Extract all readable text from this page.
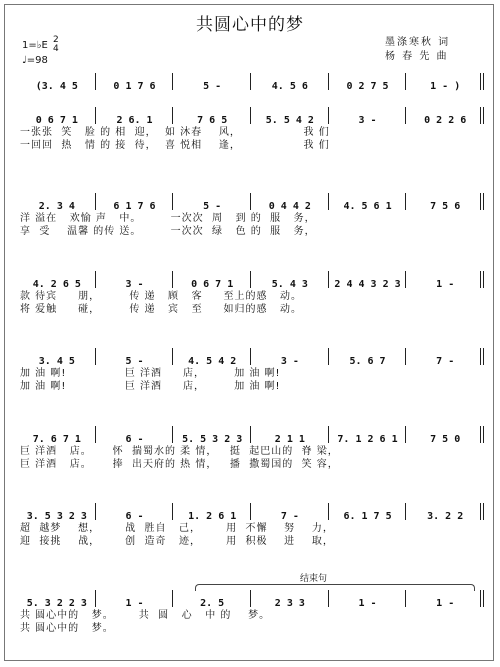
共圆心中的梦
1=♭E 2
4
♩=98
墨涤寒秋 词
杨 春 先 曲
(3. 4 5	0 1 7 6	5 -	4. 5 6	0 2 7 5	1 - )
0 6 7 1	2 6. 1	7 6 5	5. 5 4 2	3 -	0 2 2 6
一张张  笑   脸 的 相  迎，  如 沐春    风，               我 们
一回回  热   情 的 接  待，  喜 悦相    逢，               我 们
2. 3 4	6 1 7 6	5 -	0 4 4 2	4. 5 6 1	7 5 6
洋 溢在   欢愉 声   中。       一次次  周   到 的  服   务，
享  受    温馨 的传 送。       一次次  绿   色 的  服   务，
4. 2 6 5	3 -	0 6 7 1	5. 4 3	2 4 4 3 2 3	1 -
款 待宾     朋，       传 递   顾   客     至上的感   动。
将 爱触     碰，       传 递   宾   至     如归的感   动。
3. 4 5	5 -	4. 5 4 2	3 -	5. 6 7	7 -
加 油 啊!              巨 洋酒     店，       加 油 啊!
加 油 啊!              巨 洋酒     店，       加 油 啊!
7. 6 7 1	6 -	5. 5 3 2 3	2 1 1	7. 1 2 6 1	7 5 0
巨 洋酒   店。     怀  揣蜀水的 柔 情，   挺  起巴山的  脊 梁，
巨 洋酒   店。     捧  出天府的 热 情，   播  撒蜀国的  笑 容，
3. 5 3 2 3	6 -	1. 2 6 1	7 -	6. 1 7 5	3. 2 2
超  越梦    想，      战  胜自   己，      用  不懈    努    力，
迎  接挑    战，      创  造奇   迹，      用  积极    进    取，
5. 3 2 2 3	1 -	2. 5	2 3 3	1 -	1 -
共 圆心中的   梦。      共  圆   心   中 的    梦。
共 圆心中的   梦。
结束句
